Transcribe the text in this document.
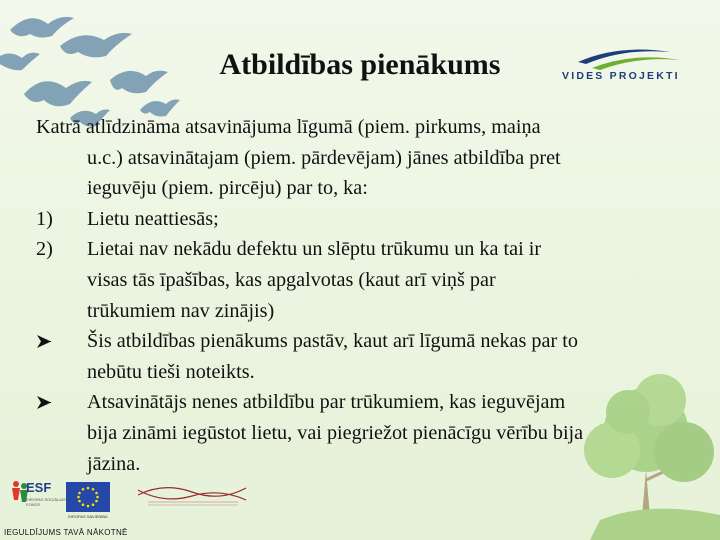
Atbildības pienākums	VIDES PROJEKTI
Katrā atlīdzināma atsavinājuma līgumā (piem. pirkums, maiņa
u.c.) atsavinātajam (piem. pārdevējam) jānes atbildība pret
ieguvēju (piem. pircēju) par to, ka:
1)	Lietu neattiesās;
2)	Lietai nav nekādu defektu un slēptu trūkumu un ka tai ir
visas tās īpašības, kas apgalvotas (kaut arī viņš par
trūkumiem nav zinājis)
Šis atbildības pienākums pastāv, kaut arī līgumā nekas par to
nebūtu tieši noteikts.
Atsavinātājs nenes atbildību par trūkumiem, kas ieguvējam
bija zināmi iegūstot lietu, vai piegriežot pienācīgu vērību bija
jāzina.
ESF
EIROPAS SOCIĀLAIS FONDS
EIROPAS SAVIENĪBA
IEGULDĪJUMS TAVĀ NĀKOTNĒ
